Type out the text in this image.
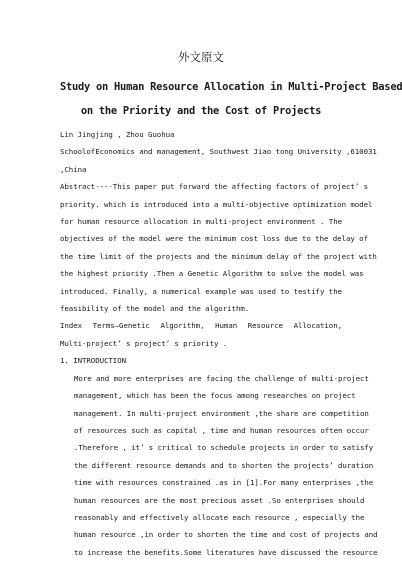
外文原文
Study on Human Resource Allocation in Multi-Project Based
on the Priority and the Cost of Projects
Lin Jingjing , Zhou Guohua
SchoolofEconomics and management, Southwest Jiao tong University ,610031
,China
Abstract----This paper put forward the affecting factors of project’ s
priority. which is introduced into a multi-objective optimization model
for human resource allocation in multi-project environment . The
objectives of the model were the minimum cost loss due to the delay of
the time limit of the projects and the minimum delay of the project with
the highest priority .Then a Genetic Algorithm to solve the model was
introduced. Finally, a numerical example was used to testify the
feasibility of the model and the algorithm.
Index Terms—Genetic Algorithm, Human Resource Allocation,
Multi-project’ s project’ s priority .
1. INTRODUCTION
More and more enterprises are facing the challenge of multi-project
management, which has been the focus among researches on project
management. In multi-project environment ,the share are competition
of resources such as capital , time and human resources often occur
.Therefore , it’ s critical to schedule projects in order to satisfy
the different resource demands and to shorten the projects’ duration
time with resources constrained .as in [1].For many enterprises ,the
human resources are the most precious asset .So enterprises should
reasonably and effectively allocate each resource , especially the
human resource ,in order to shorten the time and cost of projects and
to increase the benefits.Some literatures have discussed the resource
